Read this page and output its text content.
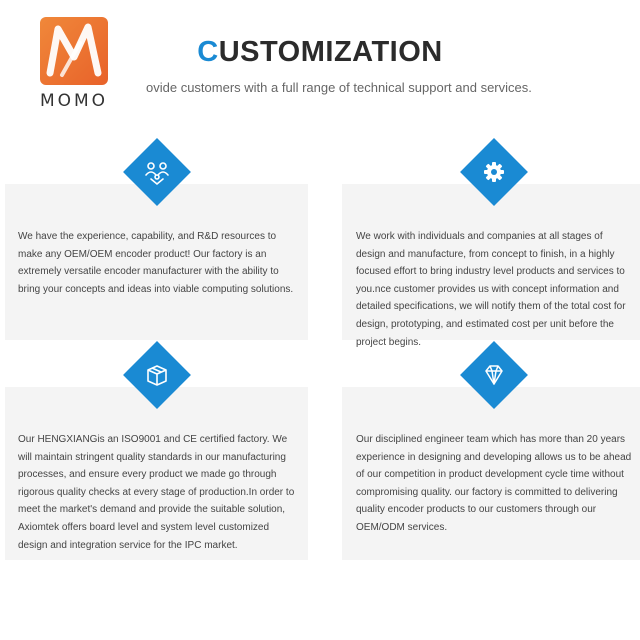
MOMO
CUSTOMIZATION
ovide customers with a full range of technical support and services.

We have the experience, capability, and R&D resources to make any OEM/OEM encoder product! Our factory is an extremely versatile encoder manufacturer with the ability to bring your concepts and ideas into viable computing solutions.

We work with individuals and companies at all stages of design and manufacture, from concept to finish, in a highly focused effort to bring industry level products and services to you.nce customer provides us with concept information and detailed specifications, we will notify them of the total cost for design, prototyping, and estimated cost per unit before the project begins.

Our HENGXIANGis an ISO9001 and CE certified factory. We will maintain stringent quality standards in our manufacturing processes, and ensure every product we made go through rigorous quality checks at every stage of production.In order to meet the market's demand and provide the suitable solution, Axiomtek offers board level and system level customized design and integration service for the IPC market.

Our disciplined engineer team which has more than 20 years experience in designing and developing allows us to be ahead of our competition in product development cycle time without compromising quality. our factory is committed to delivering quality encoder products to our customers through our OEM/ODM services.
